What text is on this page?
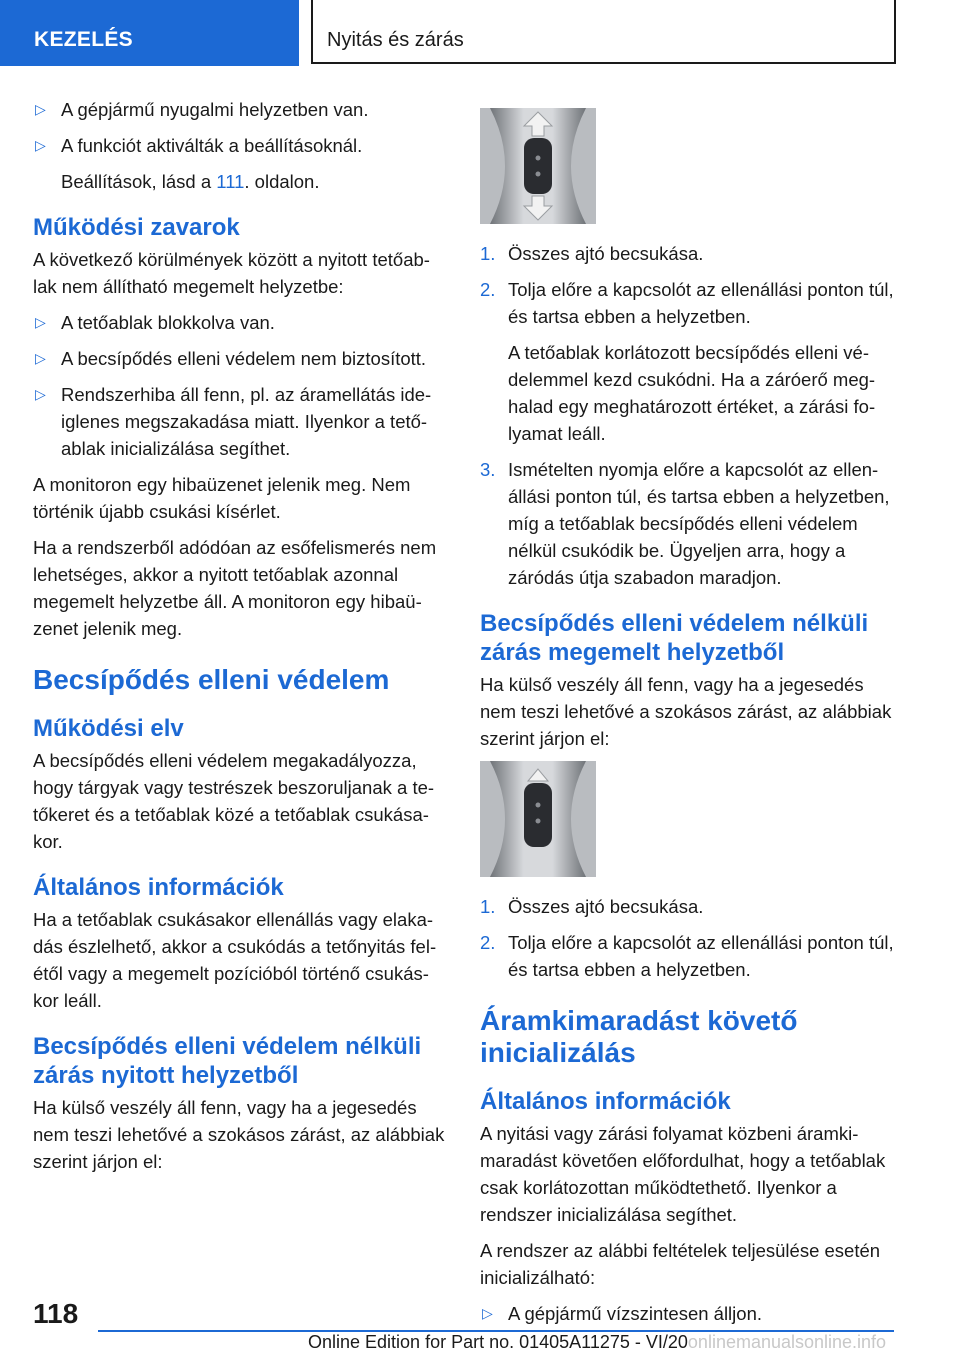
KEZELÉS	Nyitás és zárás
▷ A gépjármű nyugalmi helyzetben van.
▷ A funkciót aktiválták a beállításoknál.

Beállítások, lásd a 111. oldalon.

Működési zavarok

A következő körülmények között a nyitott tetőablak nem állítható megemelt helyzetbe:

▷ A tetőablak blokkolva van.
▷ A becsípődés elleni védelem nem biztosított.
▷ Rendszerhiba áll fenn, pl. az áramellátás ideiglenes megszakadása miatt. Ilyenkor a tetőablak inicializálása segíthet.

A monitoron egy hibaüzenet jelenik meg. Nem történik újabb csukási kísérlet.

Ha a rendszerből adódóan az esőfelismerés nem lehetséges, akkor a nyitott tetőablak azonnal megemelt helyzetbe áll. A monitoron egy hibaüzenet jelenik meg.

Becsípődés elleni védelem
Működési elv

A becsípődés elleni védelem megakadályozza, hogy tárgyak vagy testrészek beszoruljanak a tetőkeret és a tetőablak közé a tetőablak csukásakor.

Általános információk

Ha a tetőablak csukásakor ellenállás vagy elakadás észlelhető, akkor a csukódás a tetőnyitás felétől vagy a megemelt pozícióból történő csukáskor leáll.

Becsípődés elleni védelem nélküli zárás nyitott helyzetből

Ha külső veszély áll fenn, vagy ha a jegesedés nem teszi lehetővé a szokásos zárást, az alábbiak szerint járjon el:

1. Összes ajtó becsukása.
2. Tolja előre a kapcsolót az ellenállási ponton túl, és tartsa ebben a helyzetben.

A tetőablak korlátozott becsípődés elleni védelemmel kezd csukódni. Ha a záróerő meghalad egy meghatározott értéket, a zárási folyamat leáll.

3. Ismételten nyomja előre a kapcsolót az ellenállási ponton túl, és tartsa ebben a helyzetben, míg a tetőablak becsípődés elleni védelem nélkül csukódik be. Ügyeljen arra, hogy a záródás útja szabadon maradjon.
Becsípődés elleni védelem nélküli zárás megemelt helyzetből

Ha külső veszély áll fenn, vagy ha a jegesedés nem teszi lehetővé a szokásos zárást, az alábbiak szerint járjon el:

1. Összes ajtó becsukása.
2. Tolja előre a kapcsolót az ellenállási ponton túl, és tartsa ebben a helyzetben.
Áramkimaradást követő inicializálás
Általános információk

A nyitási vagy zárási folyamat közbeni áramkimaradást követően előfordulhat, hogy a tetőablak csak korlátozottan működtethető. Ilyenkor a rendszer inicializálása segíthet.

A rendszer az alábbi feltételek teljesülése esetén inicializálható:

▷ A gépjármű vízszintesen álljon.
118
Online Edition for Part no. 01405A11275 - VI/20onlinemanualsonline.info
